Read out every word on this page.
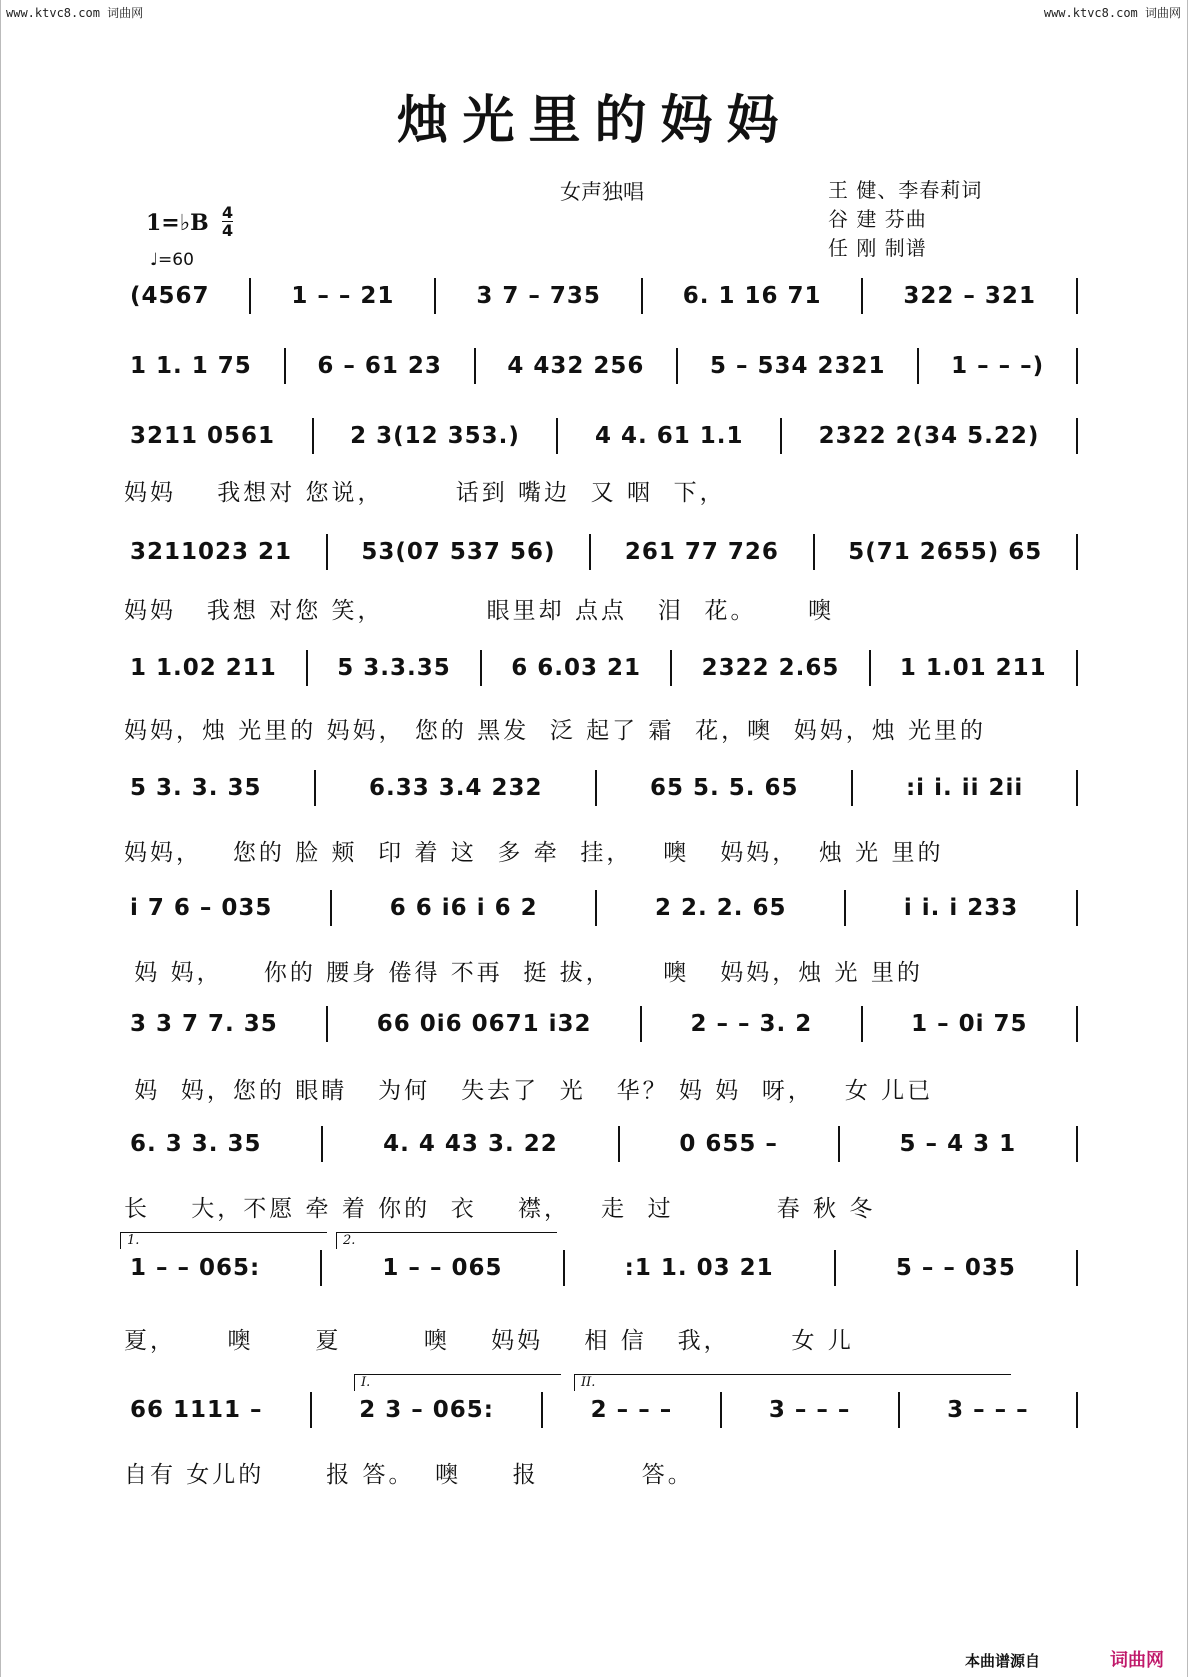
www.ktvc8.com 词曲网	www.ktvc8.com 词曲网
烛光里的妈妈
女声独唱	王 健、李春莉词
谷 建 芬曲
任 刚 制谱
1=♭B 4
4
♩=60
(4567	1 – – 21	3 7 – 735	6. 1 16 71	322 – 321
1 1. 1 75	6 – 61 23	4 432 256	5 – 534 2321	1 – – –)
3211 0561	2 3(12 353.)	4 4. 61 1.1	2322 2(34 5.22)
妈妈    我想对 您说，       话到 嘴边  又 咽  下，
3211023 21	53(07 537 56)	261 77 726	5(71 2655) 65
妈妈   我想 对您 笑，          眼里却 点点   泪  花。     噢
1 1.02 211	5 3.3.35	6 6.03 21	2322 2.65	1 1.01 211
妈妈，烛 光里的 妈妈， 您的 黑发  泛 起了 霜  花，噢  妈妈，烛 光里的
5 3. 3. 35	6.33 3.4 232	65 5. 5. 65	:i i. ii 2ii
妈妈，   您的 脸 颊  印 着 这  多 牵  挂，   噢   妈妈，  烛 光 里的
i 7 6 – 035	6 6 i6 i 6 2	2 2. 2. 65	i i. i 233
妈 妈，    你的 腰身 倦得 不再  挺 拔，     噢   妈妈，烛 光 里的
3 3 7 7. 35	66 0i6 0671 i32	2 – – 3. 2	1 – 0i 75
妈  妈，您的 眼睛   为何   失去了  光   华？ 妈 妈  呀，   女 儿已
6. 3 3. 35	4. 4 43 3. 22	0 655 –	5 – 4 3 1
长    大，不愿 牵 着 你的  衣    襟，   走  过          春 秋 冬
1 – – 065:	1 – – 065	:1 1. 03 21	5 – – 035
夏，     噢      夏        噢    妈妈    相 信   我，      女 儿
66 1111 –	2 3 – 065:	2 – – –	3 – – –	3 – – –
自有 女儿的      报 答。  噢     报          答。
1.	2.
I.	II.
本曲谱源自	词曲网
